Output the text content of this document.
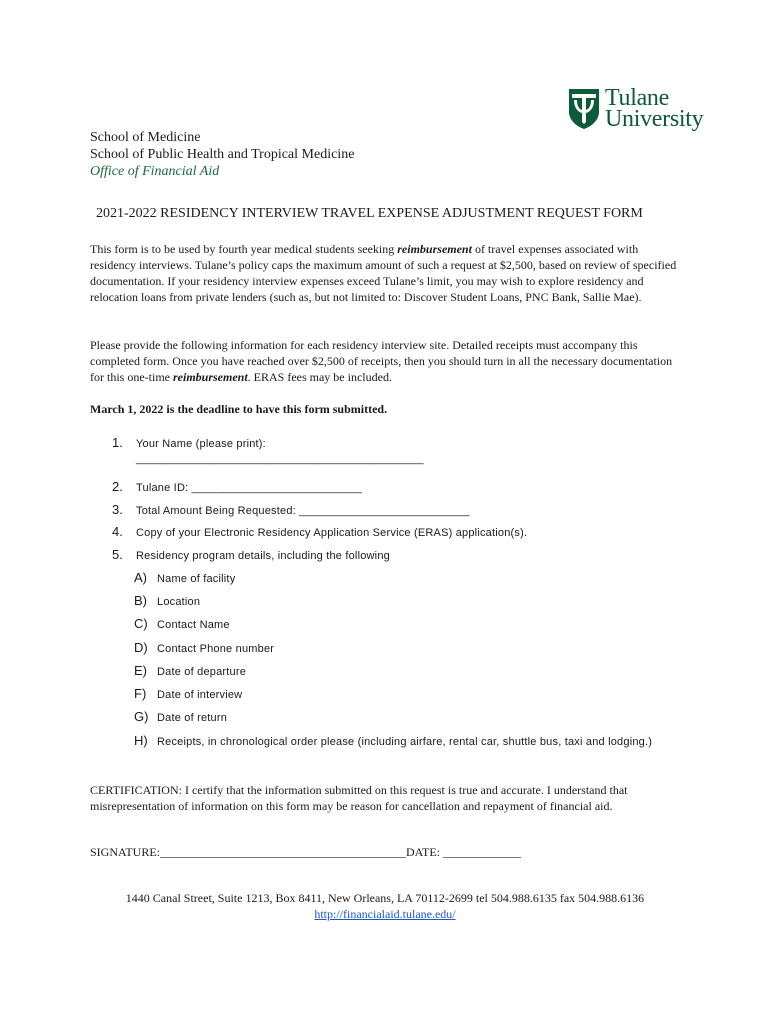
Tulane
University
School of Medicine
School of Public Health and Tropical Medicine
Office of Financial Aid
2021-2022 RESIDENCY INTERVIEW TRAVEL EXPENSE ADJUSTMENT REQUEST FORM

This form is to be used by fourth year medical students seeking reimbursement of travel expenses associated with residency interviews. Tulane’s policy caps the maximum amount of such a request at $2,500, based on review of specified documentation. If your residency interview expenses exceed Tulane’s limit, you may wish to explore residency and relocation loans from private lenders (such as, but not limited to: Discover Student Loans, PNC Bank, Sallie Mae).

Please provide the following information for each residency interview site. Detailed receipts must accompany this completed form. Once you have reached over $2,500 of receipts, then you should turn in all the necessary documentation for this one-time reimbursement. ERAS fees may be included.

March 1, 2022 is the deadline to have this form submitted.
1. Your Name (please print):
_______________________________________________
2. Tulane ID: ___________________________
3. Total Amount Being Requested: ___________________________
4. Copy of your Electronic Residency Application Service (ERAS) application(s).
5. Residency program details, including the following
A) Name of facility
B) Location
C) Contact Name
D) Contact Phone number
E) Date of departure
F) Date of interview
G) Date of return
H) Receipts, in chronological order please (including airfare, rental car, shuttle bus, taxi and lodging.)
CERTIFICATION: I certify that the information submitted on this request is true and accurate. I understand that misrepresentation of information on this form may be reason for cancellation and repayment of financial aid.
SIGNATURE:_________________________________________DATE: _____________
1440 Canal Street, Suite 1213, Box 8411, New Orleans, LA 70112-2699 tel 504.988.6135 fax 504.988.6136
http://financialaid.tulane.edu/
